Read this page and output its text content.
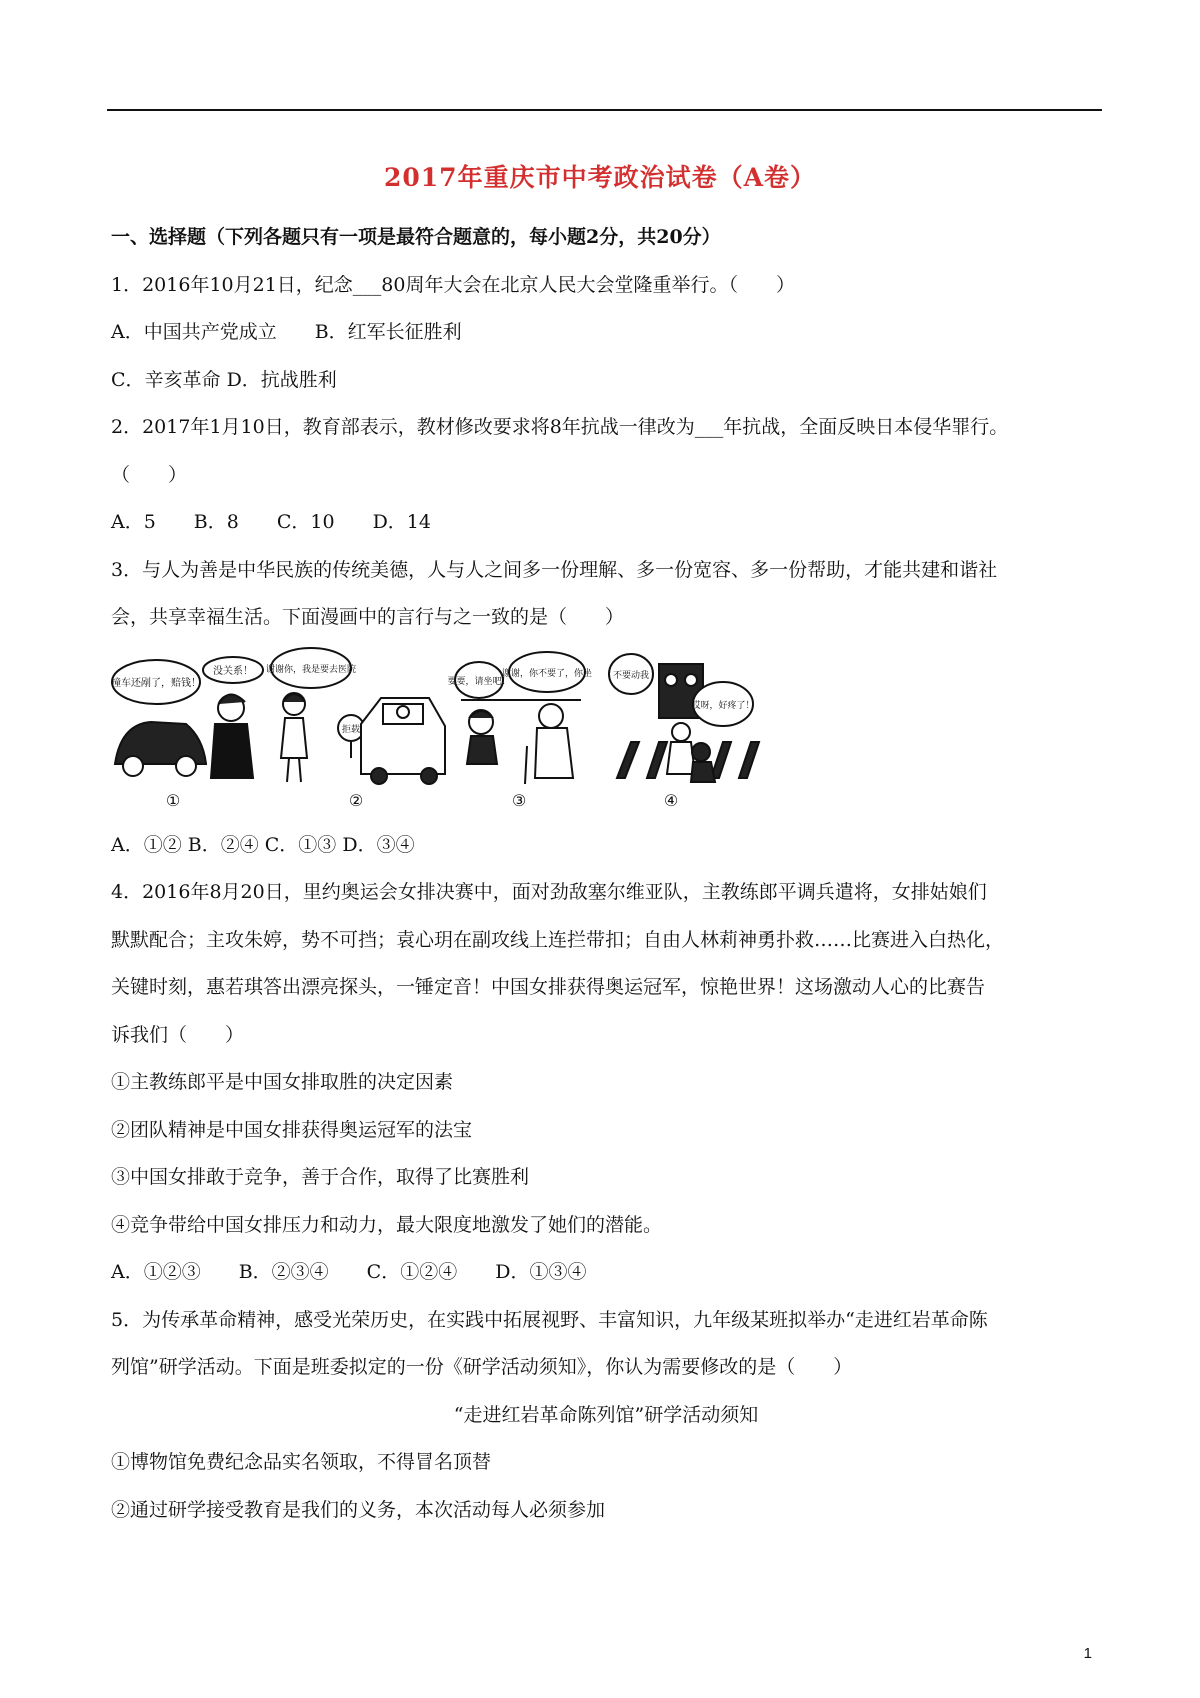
2017年重庆市中考政治试卷（A卷）

一、选择题（下列各题只有一项是最符合题意的，每小题2分，共20分）

1．2016年10月21日，纪念___80周年大会在北京人民大会堂隆重举行。（　　）

A．中国共产党成立　　B．红军长征胜利

C．辛亥革命 D．抗战胜利

2．2017年1月10日，教育部表示，教材修改要求将8年抗战一律改为___年抗战，全面反映日本侵华罪行。

（　　）

A．5　　B．8　　C．10　　D．14

3．与人为善是中华民族的传统美德，人与人之间多一份理解、多一份宽容、多一份帮助，才能共建和谐社

会，共享幸福生活。下面漫画中的言行与之一致的是（　　）

撞车还剐了，赔钱！
没关系！
①
谢谢你，我是要去医院
拒载
②
要要，请坐吧！
谢谢，你不要了，你坐
③
不要动我
哎呀，好疼了！
④

A．①② B．②④ C．①③ D．③④

4．2016年8月20日，里约奥运会女排决赛中，面对劲敌塞尔维亚队，主教练郎平调兵遣将，女排姑娘们

默默配合；主攻朱婷，势不可挡；袁心玥在副攻线上连拦带扣；自由人林莉神勇扑救……比赛进入白热化，

关键时刻，惠若琪答出漂亮探头，一锤定音！中国女排获得奥运冠军，惊艳世界！这场激动人心的比赛告

诉我们（　　）

①主教练郎平是中国女排取胜的决定因素

②团队精神是中国女排获得奥运冠军的法宝

③中国女排敢于竞争，善于合作，取得了比赛胜利

④竞争带给中国女排压力和动力，最大限度地激发了她们的潜能。

A．①②③　　B．②③④　　C．①②④　　D．①③④

5．为传承革命精神，感受光荣历史，在实践中拓展视野、丰富知识，九年级某班拟举办“走进红岩革命陈

列馆”研学活动。下面是班委拟定的一份《研学活动须知》，你认为需要修改的是（　　）

“走进红岩革命陈列馆”研学活动须知

①博物馆免费纪念品实名领取，不得冒名顶替

②通过研学接受教育是我们的义务，本次活动每人必须参加

1
